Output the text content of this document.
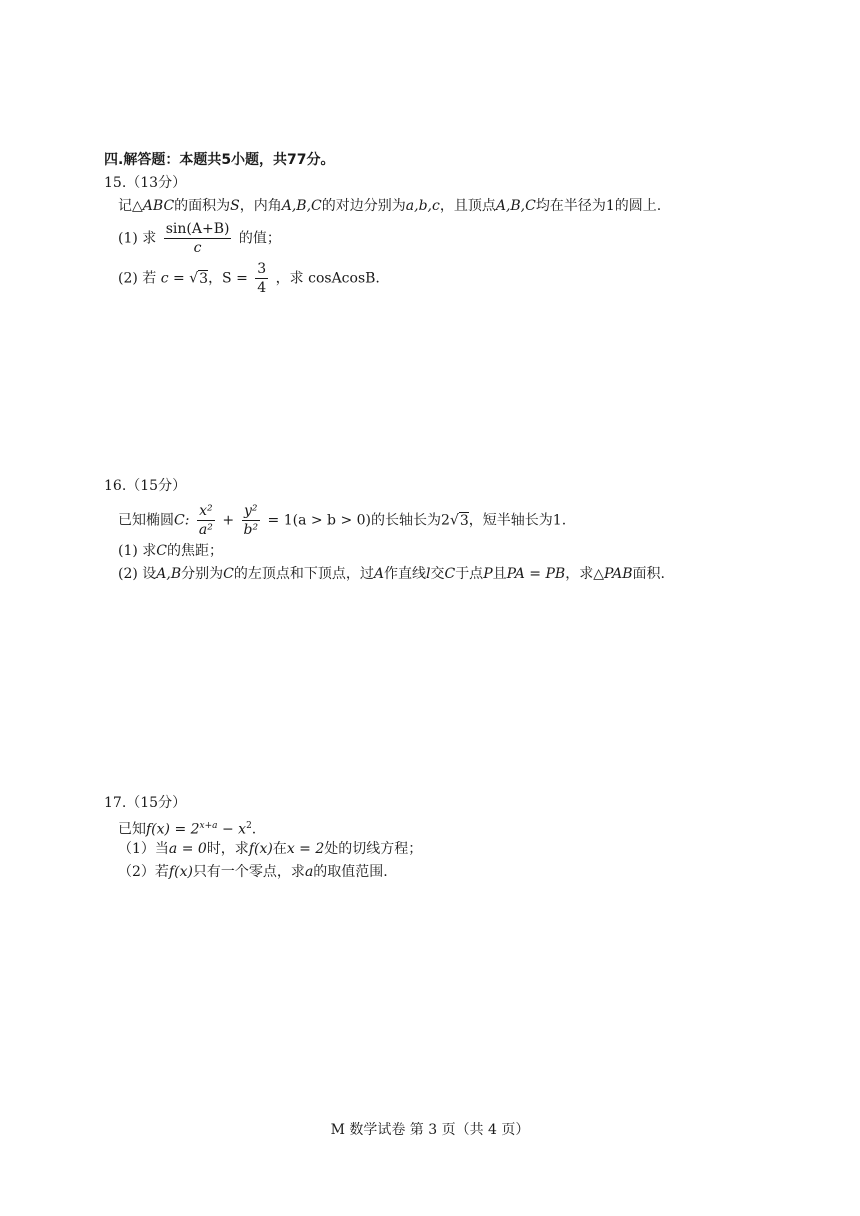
四.解答题：本题共5小题，共77分。
15.（13分）
记△ABC的面积为S，内角A,B,C的对边分别为a,b,c，且顶点A,B,C均在半径为1的圆上.
(1) 求 $\frac{\sin(A+B)}{c}$ 的值；
(2) 若 c = √3，$S = \frac{3}{4}$ ，求 cosAcosB.
16.（15分）
已知椭圆C: $\frac{\text{x²}}{\text{a²}} + \frac{\text{y²}}{\text{b²}} = 1(a > b > 0)$的长轴长为2√3，短半轴长为1.
(1) 求C的焦距；
(2) 设A,B分别为C的左顶点和下顶点，过A作直线l交C于点P且PA = PB，求△PAB面积.
17.（15分）
已知$f(x) = 2^{x+a} - x^2$.
（1）当a = 0时，求f(x)在x = 2处的切线方程；
（2）若f(x)只有一个零点，求a的取值范围.
M 数学试卷 第 3 页（共 4 页）
